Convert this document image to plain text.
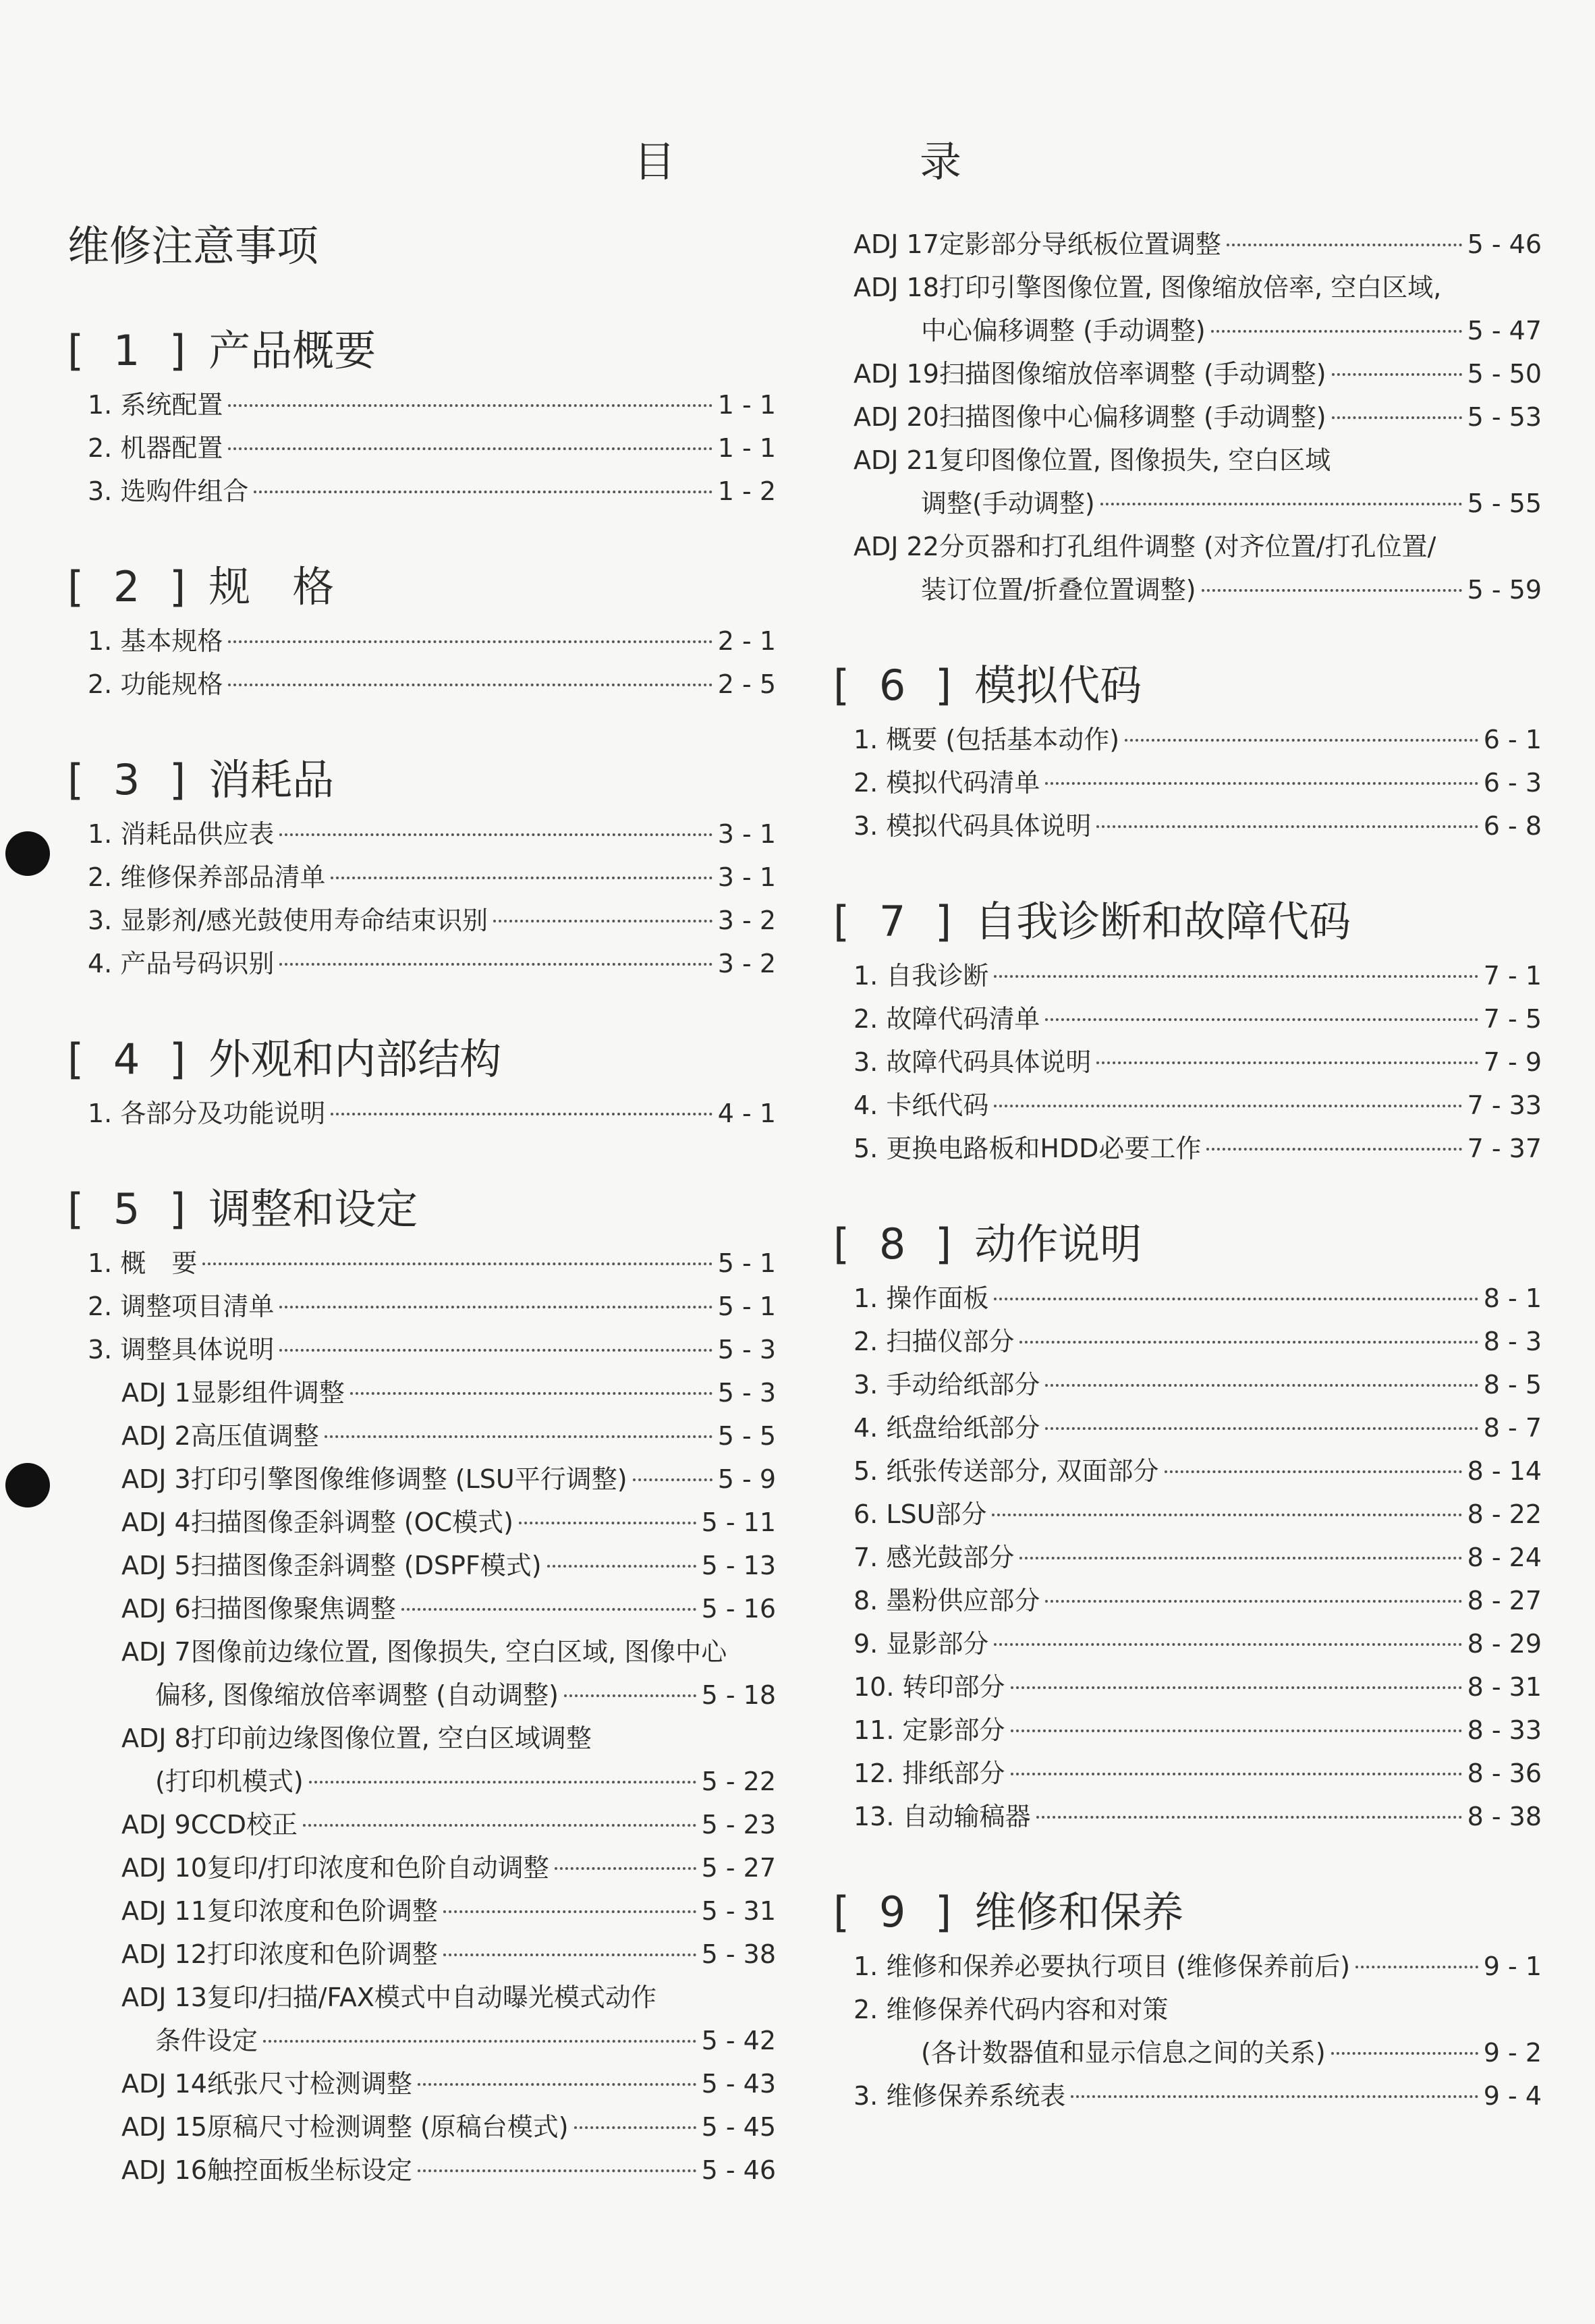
目　录
维修注意事项
[ 1 ] 产品概要
1. 系统配置	1 - 1
2. 机器配置	1 - 1
3. 选购件组合	1 - 2
[ 2 ] 规　格
1. 基本规格	2 - 1
2. 功能规格	2 - 5
[ 3 ] 消耗品
1. 消耗品供应表	3 - 1
2. 维修保养部品清单	3 - 1
3. 显影剂/感光鼓使用寿命结束识别	3 - 2
4. 产品号码识别	3 - 2
[ 4 ] 外观和内部结构
1. 各部分及功能说明	4 - 1
[ 5 ] 调整和设定
1. 概　要	5 - 1
2. 调整项目清单	5 - 1
3. 调整具体说明	5 - 3
ADJ 1显影组件调整	5 - 3
ADJ 2高压值调整	5 - 5
ADJ 3打印引擎图像维修调整 (LSU平行调整)	5 - 9
ADJ 4扫描图像歪斜调整 (OC模式)	5 - 11
ADJ 5扫描图像歪斜调整 (DSPF模式)	5 - 13
ADJ 6扫描图像聚焦调整	5 - 16
ADJ 7图像前边缘位置, 图像损失, 空白区域, 图像中心
偏移, 图像缩放倍率调整 (自动调整)	5 - 18
ADJ 8打印前边缘图像位置, 空白区域调整
(打印机模式)	5 - 22
ADJ 9CCD校正	5 - 23
ADJ 10复印/打印浓度和色阶自动调整	5 - 27
ADJ 11复印浓度和色阶调整	5 - 31
ADJ 12打印浓度和色阶调整	5 - 38
ADJ 13复印/扫描/FAX模式中自动曝光模式动作
条件设定	5 - 42
ADJ 14纸张尺寸检测调整	5 - 43
ADJ 15原稿尺寸检测调整 (原稿台模式)	5 - 45
ADJ 16触控面板坐标设定	5 - 46
ADJ 17定影部分导纸板位置调整	5 - 46
ADJ 18打印引擎图像位置, 图像缩放倍率, 空白区域,
中心偏移调整 (手动调整)	5 - 47
ADJ 19扫描图像缩放倍率调整 (手动调整)	5 - 50
ADJ 20扫描图像中心偏移调整 (手动调整)	5 - 53
ADJ 21复印图像位置, 图像损失, 空白区域
调整(手动调整)	5 - 55
ADJ 22分页器和打孔组件调整 (对齐位置/打孔位置/
装订位置/折叠位置调整)	5 - 59
[ 6 ] 模拟代码
1. 概要 (包括基本动作)	6 - 1
2. 模拟代码清单	6 - 3
3. 模拟代码具体说明	6 - 8
[ 7 ] 自我诊断和故障代码
1. 自我诊断	7 - 1
2. 故障代码清单	7 - 5
3. 故障代码具体说明	7 - 9
4. 卡纸代码	7 - 33
5. 更换电路板和HDD必要工作	7 - 37
[ 8 ] 动作说明
1. 操作面板	8 - 1
2. 扫描仪部分	8 - 3
3. 手动给纸部分	8 - 5
4. 纸盘给纸部分	8 - 7
5. 纸张传送部分, 双面部分	8 - 14
6. LSU部分	8 - 22
7. 感光鼓部分	8 - 24
8. 墨粉供应部分	8 - 27
9. 显影部分	8 - 29
10. 转印部分	8 - 31
11. 定影部分	8 - 33
12. 排纸部分	8 - 36
13. 自动输稿器	8 - 38
[ 9 ] 维修和保养
1. 维修和保养必要执行项目 (维修保养前后)	9 - 1
2. 维修保养代码内容和对策
(各计数器值和显示信息之间的关系)	9 - 2
3. 维修保养系统表	9 - 4
